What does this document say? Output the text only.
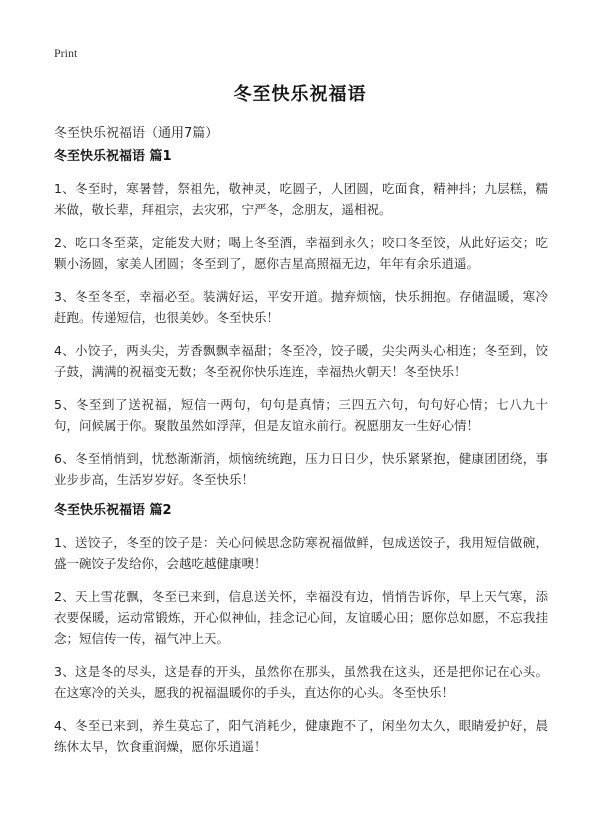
Print
冬至快乐祝福语
冬至快乐祝福语（通用7篇）
冬至快乐祝福语 篇1

1、冬至时，寒暑替，祭祖先，敬神灵，吃圆子，人团圆，吃面食，精神抖；九层糕，糯米做，敬长辈，拜祖宗，去灾邪，宁严冬，念朋友，遥相祝。

2、吃口冬至菜，定能发大财；喝上冬至酒，幸福到永久；咬口冬至饺，从此好运交；吃颗小汤圆，家美人团圆；冬至到了，愿你吉星高照福无边，年年有余乐逍遥。

3、冬至冬至，幸福必至。装满好运，平安开道。抛弃烦恼，快乐拥抱。存储温暖，寒冷赶跑。传递短信，也很美妙。冬至快乐！

4、小饺子，两头尖，芳香飘飘幸福甜；冬至冷，饺子暖，尖尖两头心相连；冬至到，饺子鼓，满满的祝福变无数；冬至祝你快乐连连，幸福热火朝天！冬至快乐！

5、冬至到了送祝福，短信一两句，句句是真情；三四五六句，句句好心情；七八九十句，问候属于你。聚散虽然如浮萍，但是友谊永前行。祝愿朋友一生好心情！

6、冬至悄悄到，忧愁渐渐消，烦恼统统跑，压力日日少，快乐紧紧抱，健康团团绕，事业步步高，生活岁岁好。冬至快乐！

冬至快乐祝福语 篇2

1、送饺子，冬至的饺子是：关心问候思念防寒祝福做鲜，包成送饺子，我用短信做碗，盛一碗饺子发给你，会越吃越健康噢！

2、天上雪花飘，冬至已来到，信息送关怀，幸福没有边，悄悄告诉你，早上天气寒，添衣要保暖，运动常锻炼，开心似神仙，挂念记心间，友谊暖心田；愿你总如愿，不忘我挂念；短信传一传，福气冲上天。

3、这是冬的尽头，这是春的开头，虽然你在那头，虽然我在这头，还是把你记在心头。在这寒冷的关头，愿我的祝福温暖你的手头，直达你的心头。冬至快乐！

4、冬至已来到，养生莫忘了，阳气消耗少，健康跑不了，闲坐勿太久，眼睛爱护好，晨练休太早，饮食重润燥，愿你乐逍遥！
